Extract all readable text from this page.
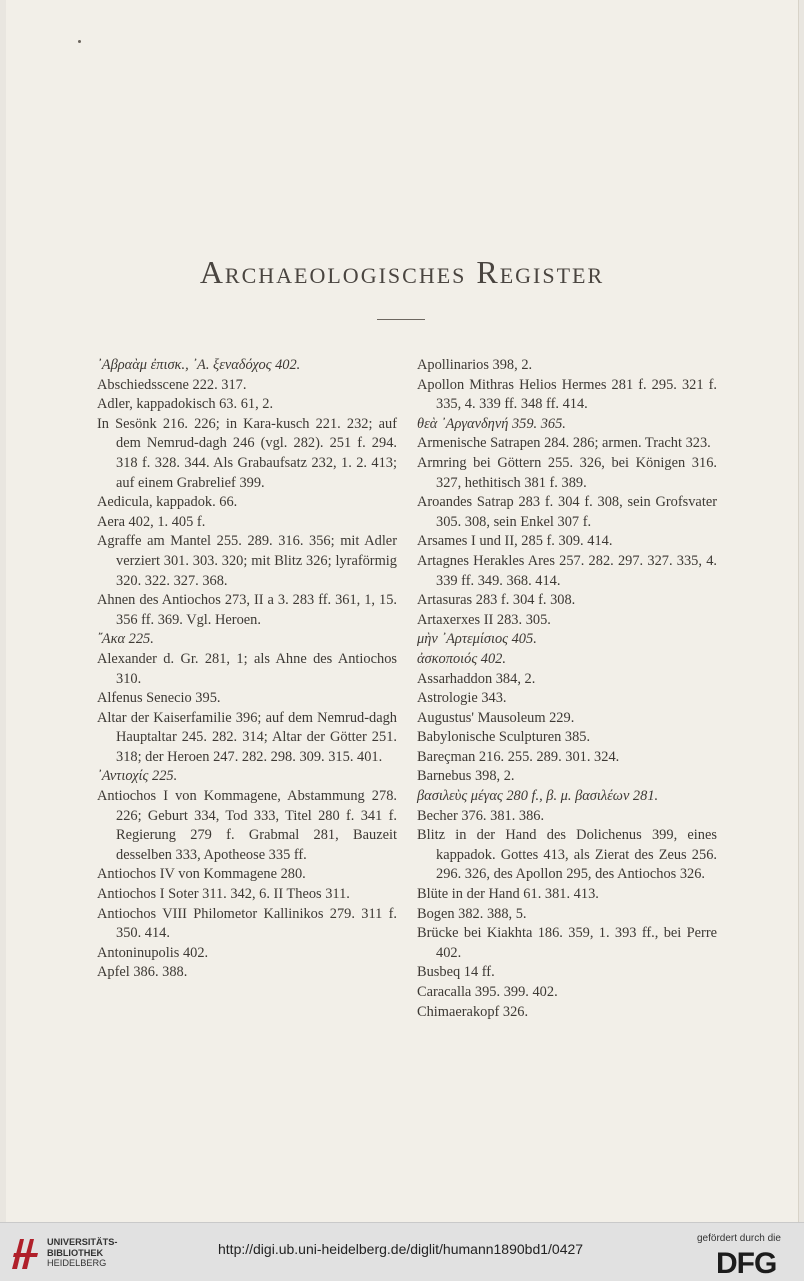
Archaeologisches Register
᾿Αβραὰμ ἐπισκ., ᾿Α. ξεναδόχος 402.
Abschiedsscene 222. 317.
Adler, kappadokisch 63. 61, 2.
In Sesönk 216. 226; in Kara-kusch 221. 232; auf dem Nemrud-dagh 246 (vgl. 282). 251 f. 294. 318 f. 328. 344. Als Grabaufsatz 232, 1. 2. 413; auf einem Grabrelief 399.
Aedicula, kappadok. 66.
Aera 402, 1. 405 f.
Agraffe am Mantel 255. 289. 316. 356; mit Adler verziert 301. 303. 320; mit Blitz 326; lyraförmig 320. 322. 327. 368.
Ahnen des Antiochos 273, II a 3. 283 ff. 361, 1, 15. 356 ff. 369. Vgl. Heroen.
῎Ακα 225.
Alexander d. Gr. 281, 1; als Ahne des Antiochos 310.
Alfenus Senecio 395.
Altar der Kaiserfamilie 396; auf dem Nemrud-dagh Hauptaltar 245. 282. 314; Altar der Götter 251. 318; der Heroen 247. 282. 298. 309. 315. 401.
᾿Αντιοχίς 225.
Antiochos I von Kommagene, Abstammung 278. 226; Geburt 334, Tod 333, Titel 280 f. 341 f. Regierung 279 f. Grabmal 281, Bauzeit desselben 333, Apotheose 335 ff.
Antiochos IV von Kommagene 280.
Antiochos I Soter 311. 342, 6. II Theos 311.
Antiochos VIII Philometor Kallinikos 279. 311 f. 350. 414.
Antoninupolis 402.
Apfel 386. 388.
Apollinarios 398, 2.
Apollon Mithras Helios Hermes 281 f. 295. 321 f. 335, 4. 339 ff. 348 ff. 414.
θεὰ ᾿Αργανδηνή 359. 365.
Armenische Satrapen 284. 286; armen. Tracht 323.
Armring bei Göttern 255. 326, bei Königen 316. 327, hethitisch 381 f. 389.
Aroandes Satrap 283 f. 304 f. 308, sein Grofsvater 305. 308, sein Enkel 307 f.
Arsames I und II, 285 f. 309. 414.
Artagnes Herakles Ares 257. 282. 297. 327. 335, 4. 339 ff. 349. 368. 414.
Artasuras 283 f. 304 f. 308.
Artaxerxes II 283. 305.
μὴν ᾿Αρτεμίσιος 405.
ἀσκοποιός 402.
Assarhaddon 384, 2.
Astrologie 343.
Augustus' Mausoleum 229.
Babylonische Sculpturen 385.
Bareçman 216. 255. 289. 301. 324.
Barnebus 398, 2.
βασιλεὺς μέγας 280 f., β. μ. βασιλέων 281.
Becher 376. 381. 386.
Blitz in der Hand des Dolichenus 399, eines kappadok. Gottes 413, als Zierat des Zeus 256. 296. 326, des Apollon 295, des Antiochos 326.
Blüte in der Hand 61. 381. 413.
Bogen 382. 388, 5.
Brücke bei Kiakhta 186. 359, 1. 393 ff., bei Perre 402.
Busbeq 14 ff.
Caracalla 395. 399. 402.
Chimaerakopf 326.
UNIVERSITÄTS-
BIBLIOTHEK
HEIDELBERG
http://digi.ub.uni-heidelberg.de/diglit/humann1890bd1/0427
gefördert durch die
DFG
